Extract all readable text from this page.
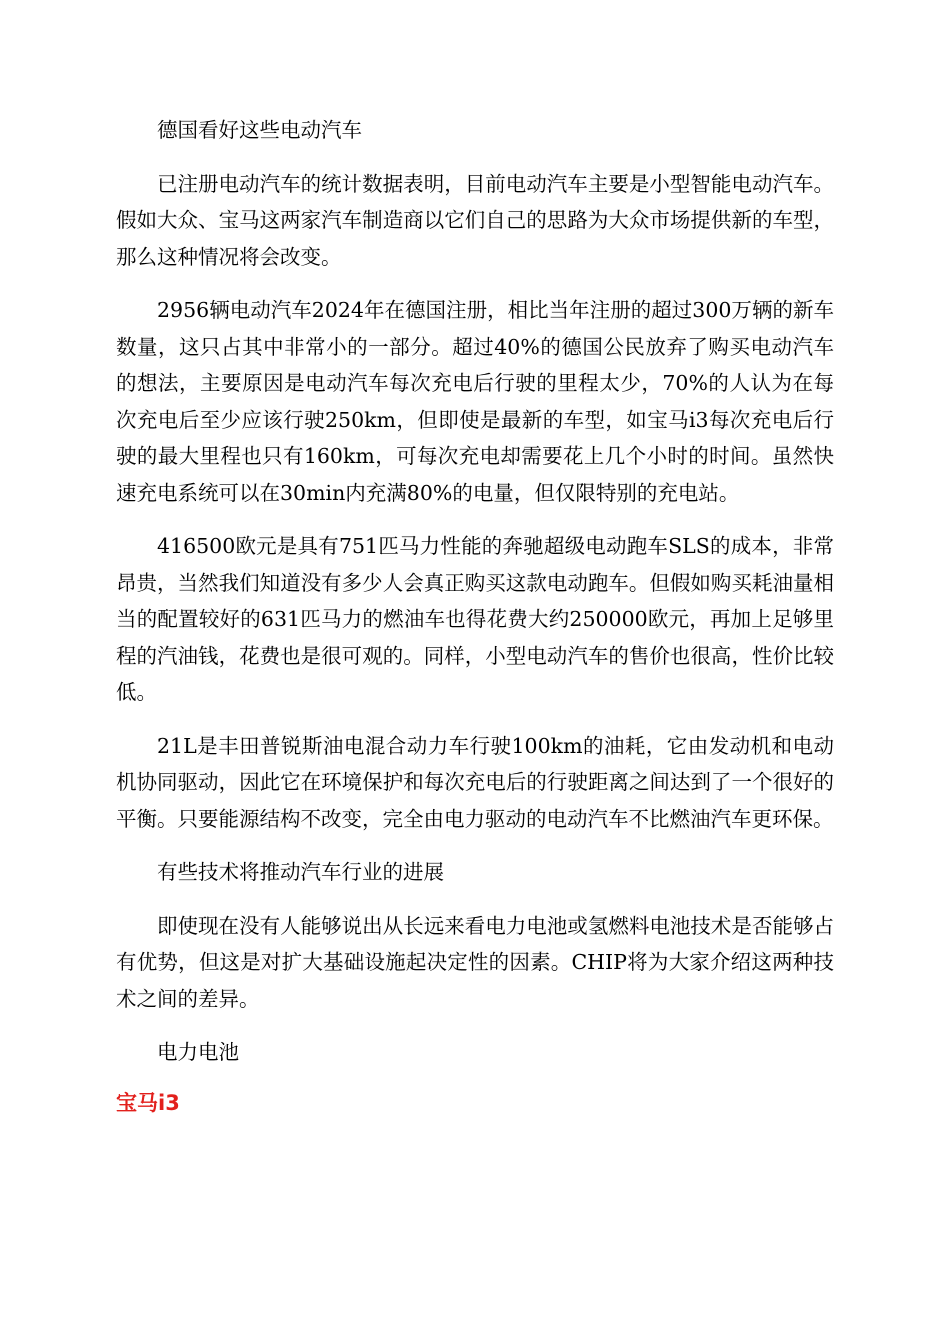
德国看好这些电动汽车

已注册电动汽车的统计数据表明，目前电动汽车主要是小型智能电动汽车。假如大众、宝马这两家汽车制造商以它们自己的思路为大众市场提供新的车型，那么这种情况将会改变。

2956辆电动汽车2024年在德国注册，相比当年注册的超过300万辆的新车数量，这只占其中非常小的一部分。超过40%的德国公民放弃了购买电动汽车的想法，主要原因是电动汽车每次充电后行驶的里程太少，70%的人认为在每次充电后至少应该行驶250km，但即使是最新的车型，如宝马i3每次充电后行驶的最大里程也只有160km，可每次充电却需要花上几个小时的时间。虽然快速充电系统可以在30min内充满80%的电量，但仅限特别的充电站。

416500欧元是具有751匹马力性能的奔驰超级电动跑车SLS的成本，非常昂贵，当然我们知道没有多少人会真正购买这款电动跑车。但假如购买耗油量相当的配置较好的631匹马力的燃油车也得花费大约250000欧元，再加上足够里程的汽油钱，花费也是很可观的。同样，小型电动汽车的售价也很高，性价比较低。

21L是丰田普锐斯油电混合动力车行驶100km的油耗，它由发动机和电动机协同驱动，因此它在环境保护和每次充电后的行驶距离之间达到了一个很好的平衡。只要能源结构不改变，完全由电力驱动的电动汽车不比燃油汽车更环保。

有些技术将推动汽车行业的进展

即使现在没有人能够说出从长远来看电力电池或氢燃料电池技术是否能够占有优势，但这是对扩大基础设施起决定性的因素。CHIP将为大家介绍这两种技术之间的差异。

电力电池

宝马i3
